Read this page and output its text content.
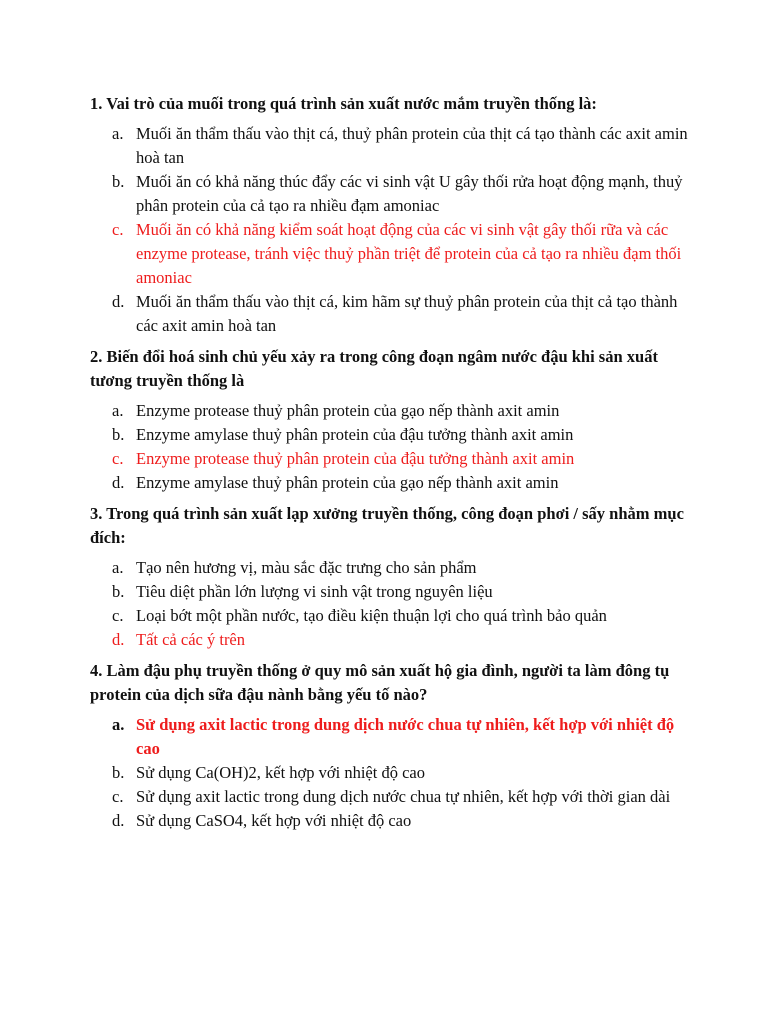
1. Vai trò của muối trong quá trình sản xuất nước mắm truyền thống là:
a. Muối ăn thẩm thấu vào thịt cá, thuỷ phân protein của thịt cá tạo thành các axit amin hoà tan
b. Muối ăn có khả năng thúc đẩy các vi sinh vật U gây thối rửa hoạt động mạnh, thuỷ phân protein của cả tạo ra nhiều đạm amoniac
c. Muối ăn có khả năng kiểm soát hoạt động của các vi sinh vật gây thối rữa và các enzyme protease, tránh việc thuỷ phần triệt để protein của cả tạo ra nhiều đạm thối amoniac
d. Muối ăn thẩm thấu vào thịt cá, kim hãm sự thuỷ phân protein của thịt cả tạo thành các axit amin hoà tan
2. Biến đổi hoá sinh chủ yếu xảy ra trong công đoạn ngâm nước đậu khi sản xuất tương truyền thống là
a. Enzyme protease thuỷ phân protein của gạo nếp thành axit amin
b. Enzyme amylase thuỷ phân protein của đậu tưởng thành axit amin
c. Enzyme protease thuỷ phân protein của đậu tưởng thành axit amin
d. Enzyme amylase thuỷ phân protein của gạo nếp thành axit amin
3. Trong quá trình sản xuất lạp xưởng truyền thống, công đoạn phơi / sấy nhằm mục đích:
a. Tạo nên hương vị, màu sắc đặc trưng cho sản phẩm
b. Tiêu diệt phần lớn lượng vi sinh vật trong nguyên liệu
c. Loại bớt một phần nước, tạo điều kiện thuận lợi cho quá trình bảo quản
d. Tất cả các ý trên
4. Làm đậu phụ truyền thống ở quy mô sản xuất hộ gia đình, người ta làm đông tụ protein của dịch sữa đậu nành bằng yếu tố nào?
a. Sử dụng axit lactic trong dung dịch nước chua tự nhiên, kết hợp với nhiệt độ cao
b. Sử dụng Ca(OH)2, kết hợp với nhiệt độ cao
c. Sử dụng axit lactic trong dung dịch nước chua tự nhiên, kết hợp với thời gian dài
d. Sử dụng CaSO4, kết hợp với nhiệt độ cao
